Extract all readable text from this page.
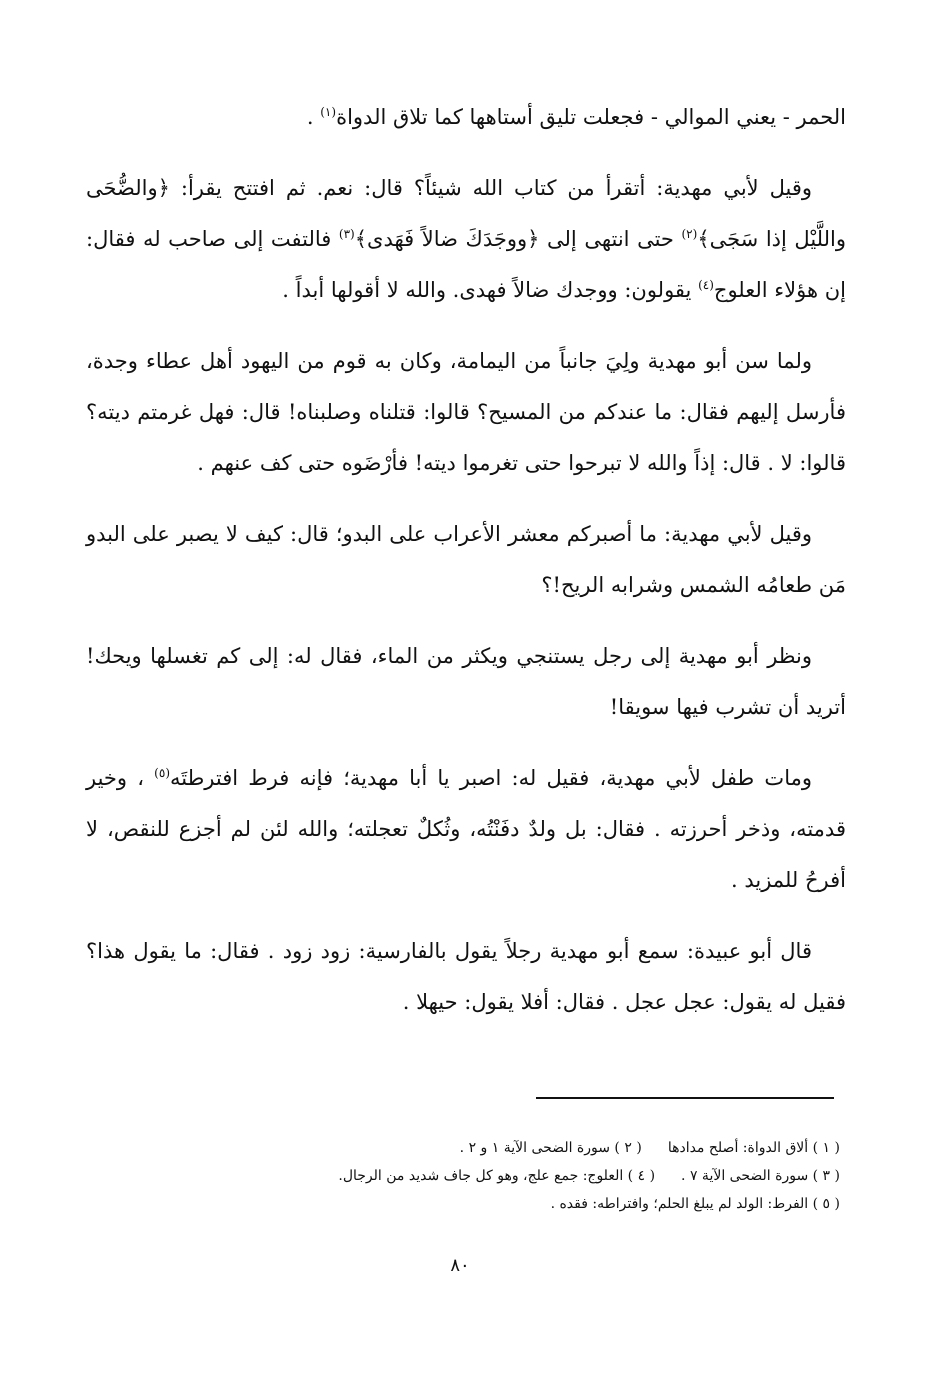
الحمر - يعني الموالي - فجعلت تليق أستاهها كما تلاق الدواة$^{(١)}$ .

وقيل لأبي مهدية: أتقرأ من كتاب الله شيئاً؟ قال: نعم. ثم افتتح يقرأ: ﴿والضُّحَى واللَّيْل إذا سَجَى﴾$^{(٢)}$ حتى انتهى إلى ﴿ووجَدَكَ ضالاً فَهَدى﴾$^{(٣)}$ فالتفت إلى صاحب له فقال: إن هؤلاء العلوج$^{(٤)}$ يقولون: ووجدك ضالاً فهدى. والله لا أقولها أبداً .

ولما سن أبو مهدية ولِيَ جانباً من اليمامة، وكان به قوم من اليهود أهل عطاء وجدة، فأرسل إليهم فقال: ما عندكم من المسيح؟ قالوا: قتلناه وصلبناه! قال: فهل غرمتم ديته؟ قالوا: لا . قال: إذاً والله لا تبرحوا حتى تغرموا ديته! فأرْضَوه حتى كف عنهم .

وقيل لأبي مهدية: ما أصبركم معشر الأعراب على البدو؛ قال: كيف لا يصبر على البدو مَن طعامُه الشمس وشرابه الريح!؟

ونظر أبو مهدية إلى رجل يستنجي ويكثر من الماء، فقال له: إلى كم تغسلها ويحك! أتريد أن تشرب فيها سويقا!

ومات طفل لأبي مهدية، فقيل له: اصبر يا أبا مهدية؛ فإنه فرط افترطتَه$^{(٥)}$ ، وخير قدمته، وذخر أحرزته . فقال: بل ولدٌ دفَنْتُه، وثُكلٌ تعجلته؛ والله لئن لم أجزع للنقص، لا أفرحُ للمزيد .

قال أبو عبيدة: سمع أبو مهدية رجلاً يقول بالفارسية: زود زود . فقال: ما يقول هذا؟ فقيل له يقول: عجل عجل . فقال: أفلا يقول: حيهلا .

( ١ ) ألاق الدواة: أصلح مدادها( ٢ ) سورة الضحى الآية ١ و ٢ .
( ٣ ) سورة الضحى الآية ٧ .( ٤ ) العلوج: جمع علج، وهو كل جاف شديد من الرجال.
( ٥ ) الفرط: الولد لم يبلغ الحلم؛ وافتراطه: فقده .
٨٠
